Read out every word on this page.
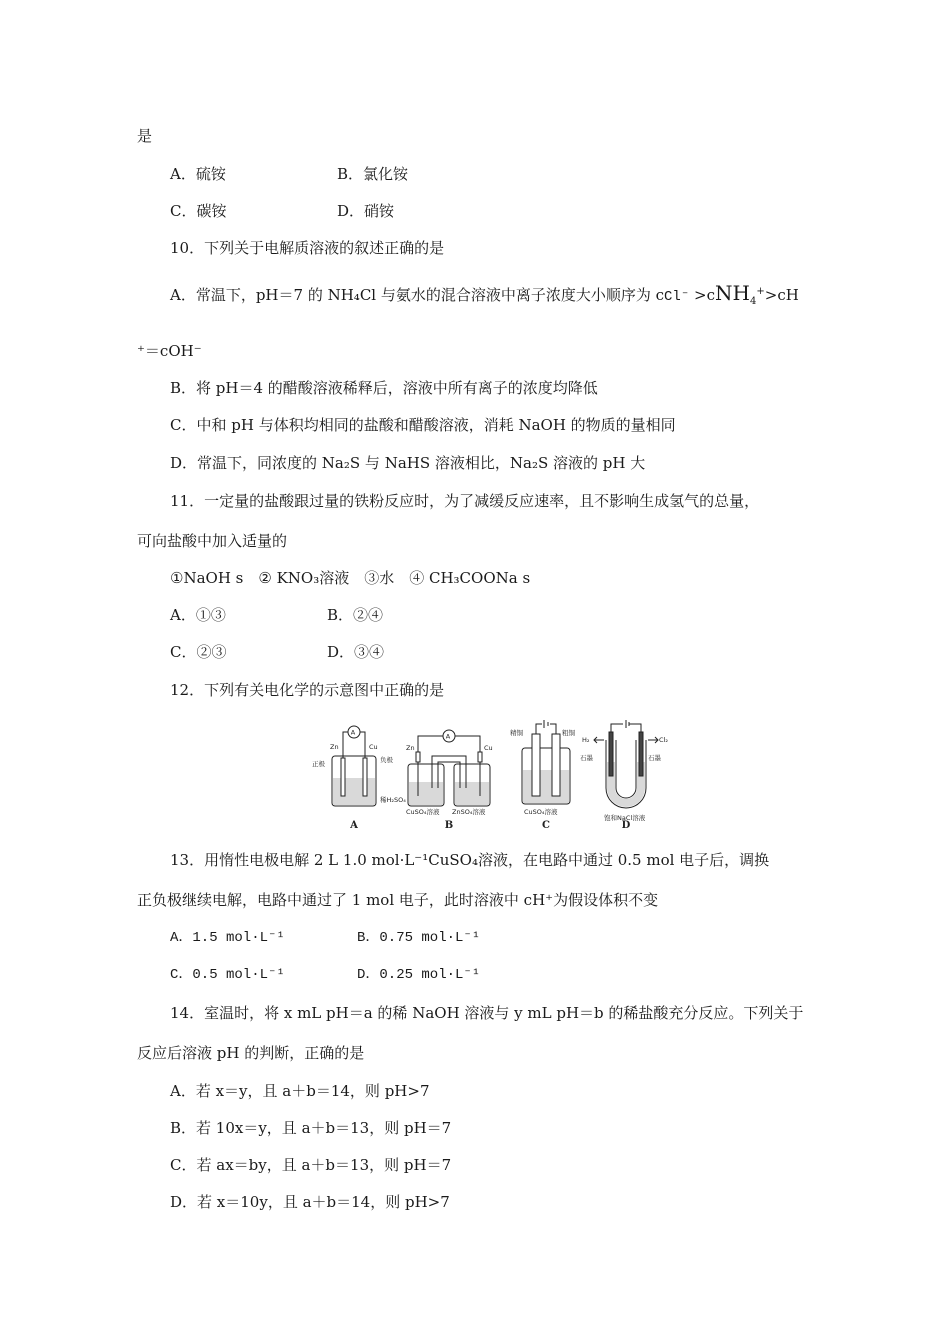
是
A．硫铵	B．氯化铵
C．碳铵	D．硝铵
10．下列关于电解质溶液的叙述正确的是
A．常温下，pH＝7 的 NH₄Cl 与氨水的混合溶液中离子浓度大小顺序为 cCl⁻ >cNH$_4$+>cH
⁺＝cOH⁻
B．将 pH＝4 的醋酸溶液稀释后，溶液中所有离子的浓度均降低
C．中和 pH 与体积均相同的盐酸和醋酸溶液，消耗 NaOH 的物质的量相同
D．常温下，同浓度的 Na₂S 与 NaHS 溶液相比，Na₂S 溶液的 pH 大
11．一定量的盐酸跟过量的铁粉反应时，为了减缓反应速率，且不影响生成氢气的总量，
可向盐酸中加入适量的
①NaOH s　② KNO₃溶液　③水　④ CH₃COONa s
A．①③	B．②④
C．②③	D．③④
12．下列有关电化学的示意图中正确的是
A
Zn	Cu
正极	负极
稀H₂SO₄
A
Zn	Cu
CuSO₄溶液 ZnSO₄溶液
精铜	粗铜
CuSO₄溶液
H₂	Cl₂
石墨	石墨
饱和NaCl溶液
A	B	C	D
13．用惰性电极电解 2 L 1.0 mol·L⁻¹CuSO₄溶液，在电路中通过 0.5 mol 电子后，调换
正负极继续电解，电路中通过了 1 mol 电子，此时溶液中 cH⁺为假设体积不变
A．1.5 mol·L⁻¹	B．0.75 mol·L⁻¹
C．0.5 mol·L⁻¹	D．0.25 mol·L⁻¹
14．室温时，将 x mL pH＝a 的稀 NaOH 溶液与 y mL pH＝b 的稀盐酸充分反应。下列关于
反应后溶液 pH 的判断，正确的是
A．若 x＝y，且 a＋b＝14，则 pH>7
B．若 10x＝y，且 a＋b＝13，则 pH＝7
C．若 ax＝by，且 a＋b＝13，则 pH＝7
D．若 x＝10y，且 a＋b＝14，则 pH>7
